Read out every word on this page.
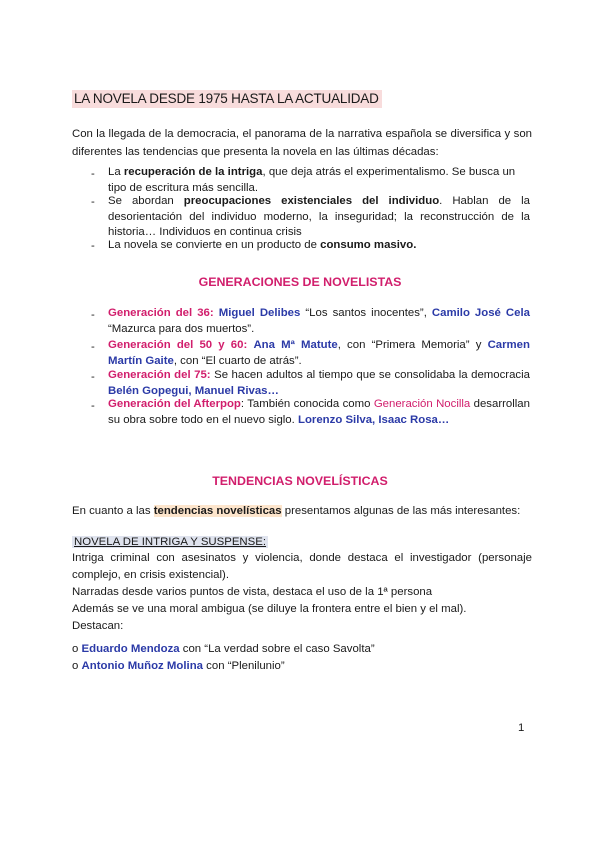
LA NOVELA DESDE 1975 HASTA LA ACTUALIDAD
Con la llegada de la democracia, el panorama de la narrativa española se diversifica y son diferentes las tendencias que presenta la novela en las últimas décadas:
- La recuperación de la intriga, que deja atrás el experimentalismo. Se busca un tipo de escritura más sencilla.
- Se abordan preocupaciones existenciales del individuo. Hablan de la desorientación del individuo moderno, la inseguridad; la reconstrucción de la historia… Individuos en continua crisis
- La novela se convierte en un producto de consumo masivo.
GENERACIONES DE NOVELISTAS
- Generación del 36: Miguel Delibes “Los santos inocentes”, Camilo José Cela “Mazurca para dos muertos”.
- Generación del 50 y 60: Ana Mª Matute, con “Primera Memoria” y Carmen Martín Gaite, con “El cuarto de atrás”.
- Generación del 75: Se hacen adultos al tiempo que se consolidaba la democracia Belén Gopegui, Manuel Rivas…
- Generación del Afterpop: También conocida como Generación Nocilla desarrollan su obra sobre todo en el nuevo siglo. Lorenzo Silva, Isaac Rosa…
TENDENCIAS NOVELÍSTICAS
En cuanto a las tendencias novelísticas presentamos algunas de las más interesantes:
NOVELA DE INTRIGA Y SUSPENSE:
Intriga criminal con asesinatos y violencia, donde destaca el investigador (personaje complejo, en crisis existencial).
Narradas desde varios puntos de vista, destaca el uso de la 1ª persona
Además se ve una moral ambigua (se diluye la frontera entre el bien y el mal).
Destacan:
o Eduardo Mendoza con “La verdad sobre el caso Savolta”
o Antonio Muñoz Molina con “Plenilunio”
1
